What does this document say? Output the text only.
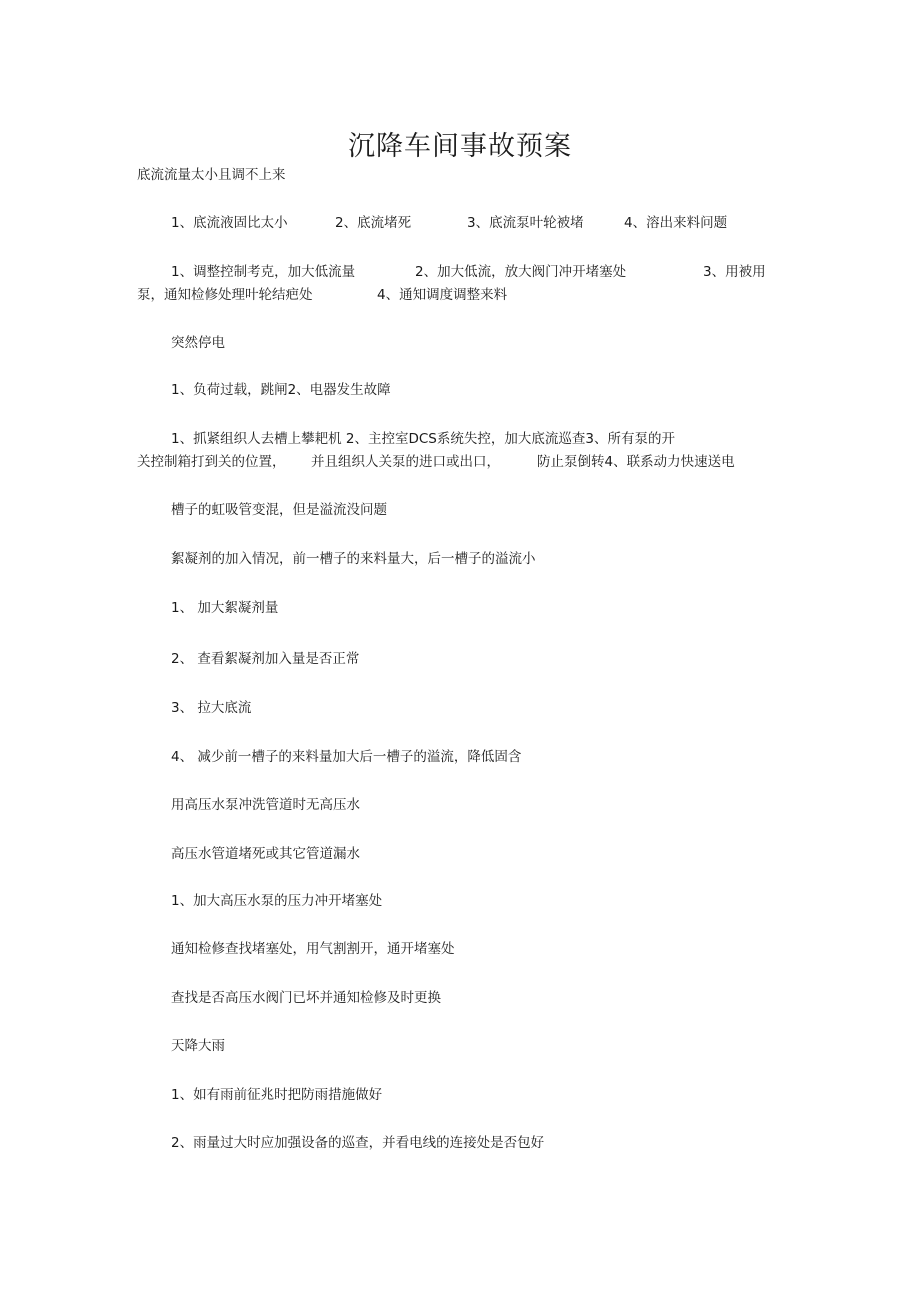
沉降车间事故预案
底流流量太小且调不上来
1、底流液固比太小	2、底流堵死	3、底流泵叶轮被堵	4、溶出来料问题
1、调整控制考克，加大低流量	2、加大低流，放大阀门冲开堵塞处	3、用被用
泵，通知检修处理叶轮结疤处	4、通知调度调整来料
突然停电
1、负荷过载，跳闸2、电器发生故障
1、抓紧组织人去槽上攀耙机 2、主控室DCS系统失控，加大底流巡查3、所有泵的开
关控制箱打到关的位置， 并且组织人关泵的进口或出口，	防止泵倒转4、联系动力快速送电
槽子的虹吸管变混，但是溢流没问题
絮凝剂的加入情况，前一槽子的来料量大，后一槽子的溢流小
1、 加大絮凝剂量
2、 查看絮凝剂加入量是否正常
3、 拉大底流
4、 减少前一槽子的来料量加大后一槽子的溢流，降低固含
用高压水泵冲洗管道时无高压水
高压水管道堵死或其它管道漏水
1、加大高压水泵的压力冲开堵塞处
通知检修查找堵塞处，用气割割开，通开堵塞处
查找是否高压水阀门已坏并通知检修及时更换
天降大雨
1、如有雨前征兆时把防雨措施做好
2、雨量过大时应加强设备的巡查，并看电线的连接处是否包好
